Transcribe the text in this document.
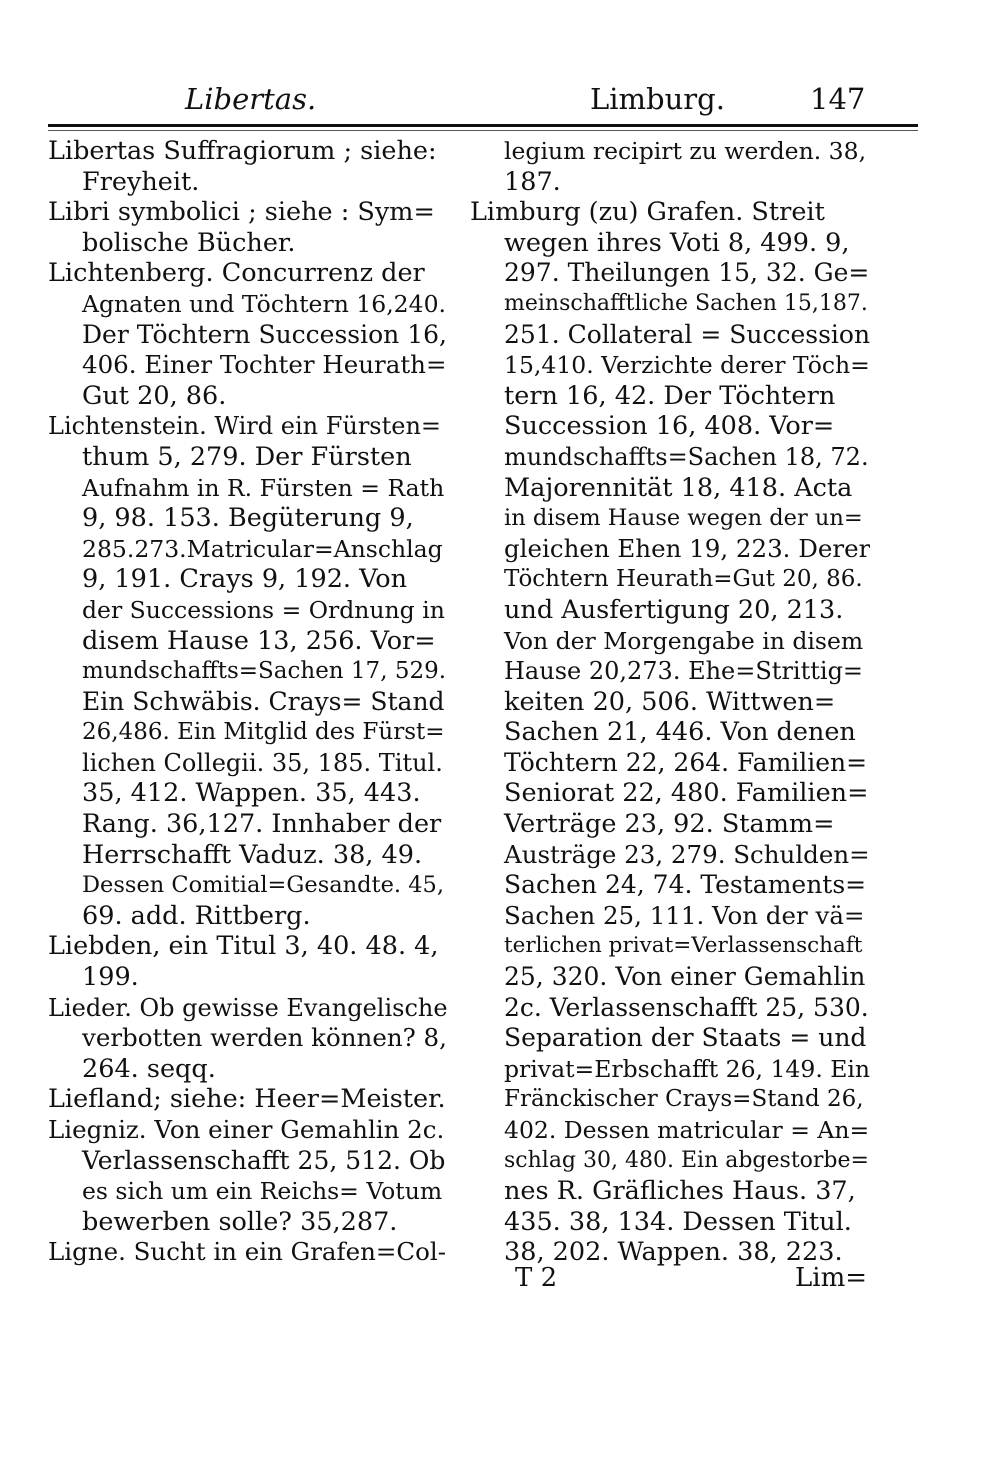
Libertas.	Limburg.	147
Libertas Suffragiorum ; siehe:
Freyheit.
Libri symbolici ; siehe : Sym=
bolische Bücher.
Lichtenberg. Concurrenz der
Agnaten und Töchtern 16,240.
Der Töchtern Succession 16,
406. Einer Tochter Heurath=
Gut 20, 86.
Lichtenstein. Wird ein Fürsten=
thum 5, 279. Der Fürsten
Aufnahm in R. Fürsten = Rath
9, 98. 153. Begüterung 9,
285.273.Matricular=Anschlag
9, 191. Crays 9, 192. Von
der Successions = Ordnung in
disem Hause 13, 256. Vor=
mundschaffts=Sachen 17, 529.
Ein Schwäbis. Crays= Stand
26,486. Ein Mitglid des Fürst=
lichen Collegii. 35, 185. Titul.
35, 412. Wappen. 35, 443.
Rang. 36,127. Innhaber der
Herrschafft Vaduz. 38, 49.
Dessen Comitial=Gesandte. 45,
69. add. Rittberg.
Liebden, ein Titul 3, 40. 48. 4,
199.
Lieder. Ob gewisse Evangelische
verbotten werden können? 8,
264. seqq.
Liefland; siehe: Heer=Meister.
Liegniz. Von einer Gemahlin 2c.
Verlassenschafft 25, 512. Ob
es sich um ein Reichs= Votum
bewerben solle? 35,287.
Ligne. Sucht in ein Grafen=Col-
legium recipirt zu werden. 38,
187.
Limburg (zu) Grafen. Streit
wegen ihres Voti 8, 499. 9,
297. Theilungen 15, 32. Ge=
meinschafftliche Sachen 15,187.
251. Collateral = Succession
15,410. Verzichte derer Töch=
tern 16, 42. Der Töchtern
Succession 16, 408. Vor=
mundschaffts=Sachen 18, 72.
Majorennität 18, 418. Acta
in disem Hause wegen der un=
gleichen Ehen 19, 223. Derer
Töchtern Heurath=Gut 20, 86.
und Ausfertigung 20, 213.
Von der Morgengabe in disem
Hause 20,273. Ehe=Strittig=
keiten 20, 506. Wittwen=
Sachen 21, 446. Von denen
Töchtern 22, 264. Familien=
Seniorat 22, 480. Familien=
Verträge 23, 92. Stamm=
Austräge 23, 279. Schulden=
Sachen 24, 74. Testaments=
Sachen 25, 111. Von der vä=
terlichen privat=Verlassenschaft
25, 320. Von einer Gemahlin
2c. Verlassenschafft 25, 530.
Separation der Staats = und
privat=Erbschafft 26, 149. Ein
Fränckischer Crays=Stand 26,
402. Dessen matricular = An=
schlag 30, 480. Ein abgestorbe=
nes R. Gräfliches Haus. 37,
435. 38, 134. Dessen Titul.
38, 202. Wappen. 38, 223.
T 2	Lim=
